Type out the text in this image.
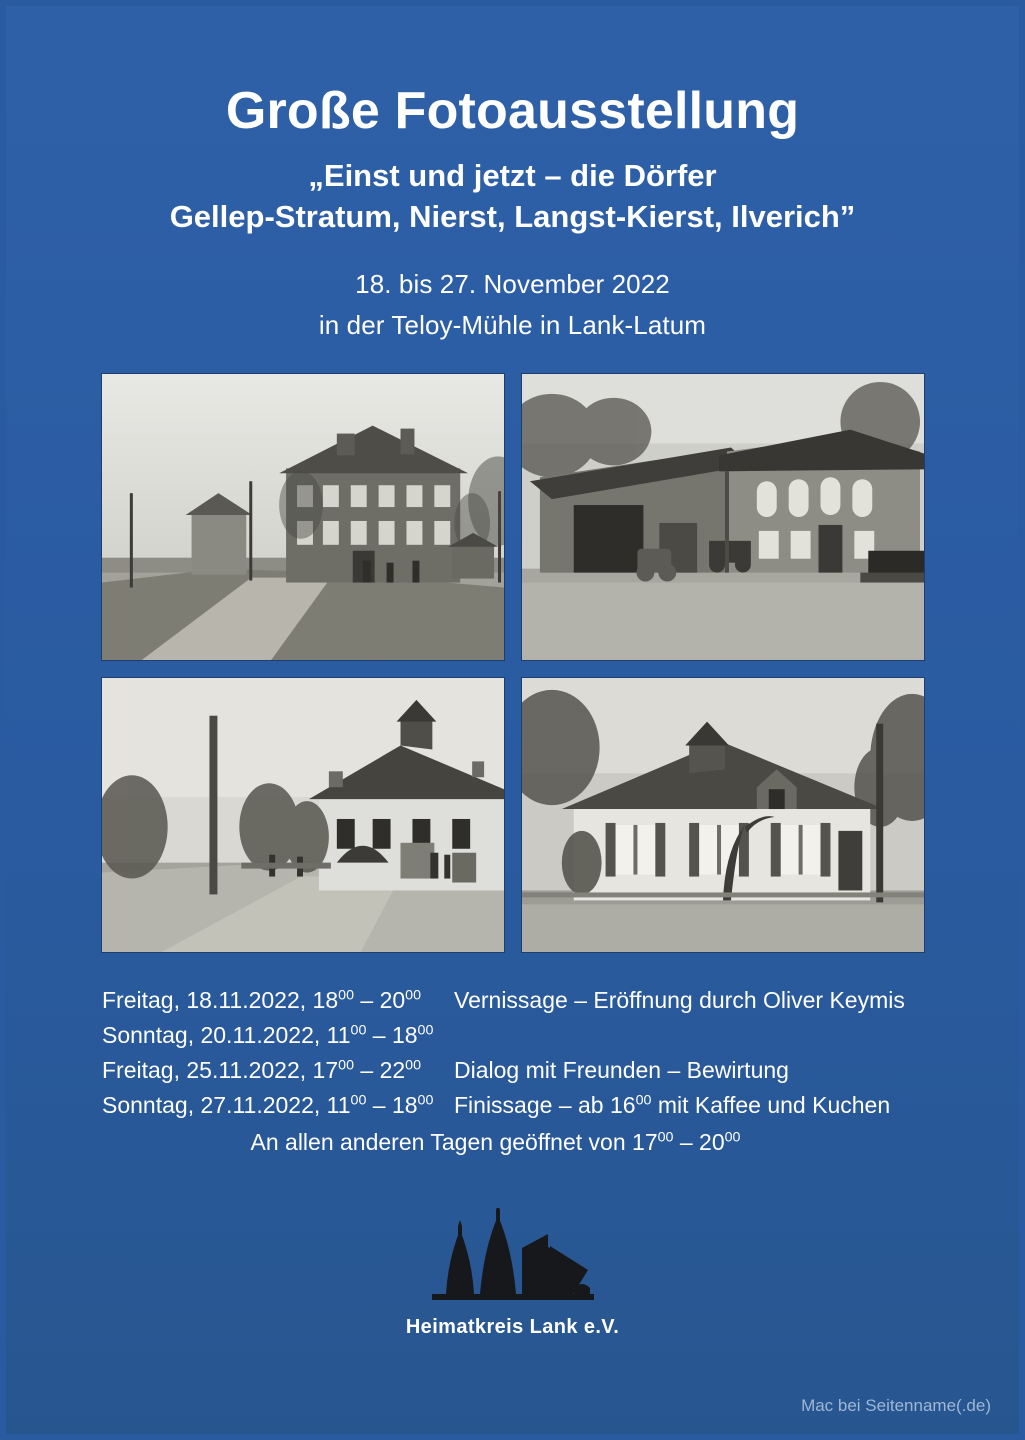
Große Fotoausstellung
„Einst und jetzt – die Dörfer
Gellep-Stratum, Nierst, Langst-Kierst, Ilverich”
18. bis 27. November 2022
in der Teloy-Mühle in Lank-Latum
Freitag, 18.11.2022, $18^{00} - 20^{00}$	Vernissage – Eröffnung durch Oliver Keymis
Sonntag, 20.11.2022, $11^{00} - 18^{00}$
Freitag, 25.11.2022, $17^{00} - 22^{00}$	Dialog mit Freunden – Bewirtung
Sonntag, 27.11.2022, $11^{00} - 18^{00}$ Finissage – ab $16^{00}$ mit Kaffee und Kuchen
An allen anderen Tagen geöffnet von $17^{00} - 20^{00}$
Heimatkreis Lank e.V.
Mac bei Seitenname(.de)
